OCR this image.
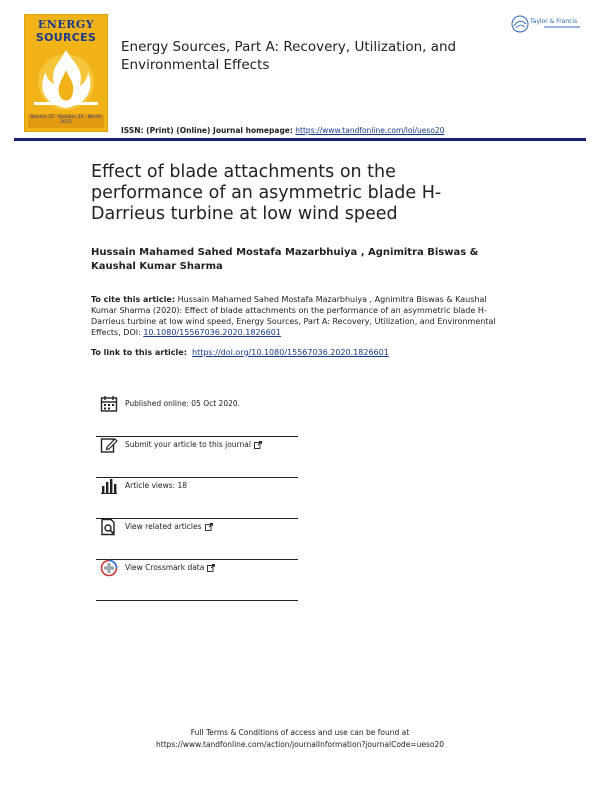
ENERGY
SOURCES
Volume 37 · Number 10 · Month 2015
Energy Sources, Part A: Recovery, Utilization, and Environmental Effects
ISSN: (Print) (Online) Journal homepage: https://www.tandfonline.com/loi/ueso20
Taylor & Francis
Effect of blade attachments on the performance of an asymmetric blade H-Darrieus turbine at low wind speed
Hussain Mahamed Sahed Mostafa Mazarbhuiya , Agnimitra Biswas & Kaushal Kumar Sharma
To cite this article: Hussain Mahamed Sahed Mostafa Mazarbhuiya , Agnimitra Biswas & Kaushal Kumar Sharma (2020): Effect of blade attachments on the performance of an asymmetric blade H-Darrieus turbine at low wind speed, Energy Sources, Part A: Recovery, Utilization, and Environmental Effects, DOI: 10.1080/15567036.2020.1826601
To link to this article: https://doi.org/10.1080/15567036.2020.1826601
Published online: 05 Oct 2020.
Submit your article to this journal
Article views: 18
View related articles
View Crossmark data
Full Terms & Conditions of access and use can be found at
https://www.tandfonline.com/action/journalInformation?journalCode=ueso20
